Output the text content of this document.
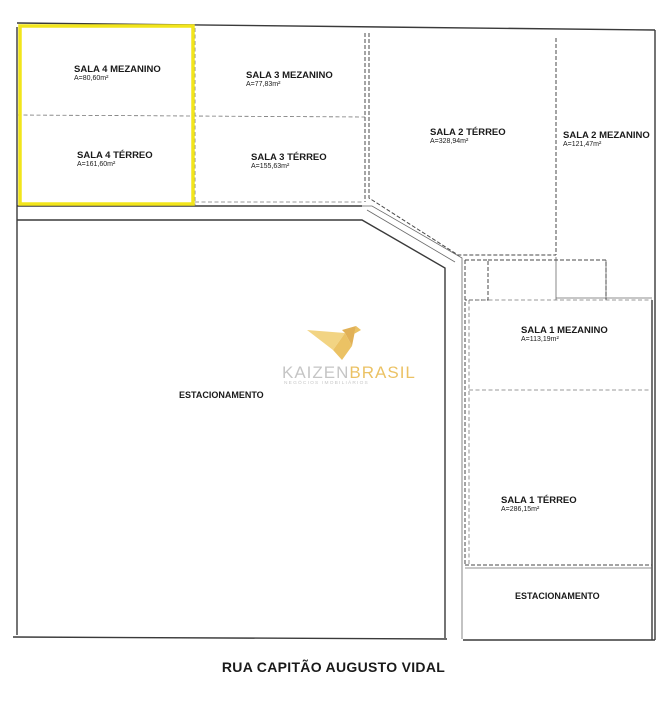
SALA 4 MEZANINO
A=80,60m²
SALA 4 TÉRREO
A=161,60m²
SALA 3 MEZANINO
A=77,83m²
SALA 3 TÉRREO
A=155,63m²
SALA 2 TÉRREO
A=328,94m²
SALA 2 MEZANINO
A=121,47m²
SALA 1 MEZANINO
A=113,19m²
SALA 1 TÉRREO
A=286,15m²
ESTACIONAMENTO
ESTACIONAMENTO
KAIZENBRASIL
NEGÓCIOS IMOBILIÁRIOS
RUA CAPITÃO AUGUSTO VIDAL
